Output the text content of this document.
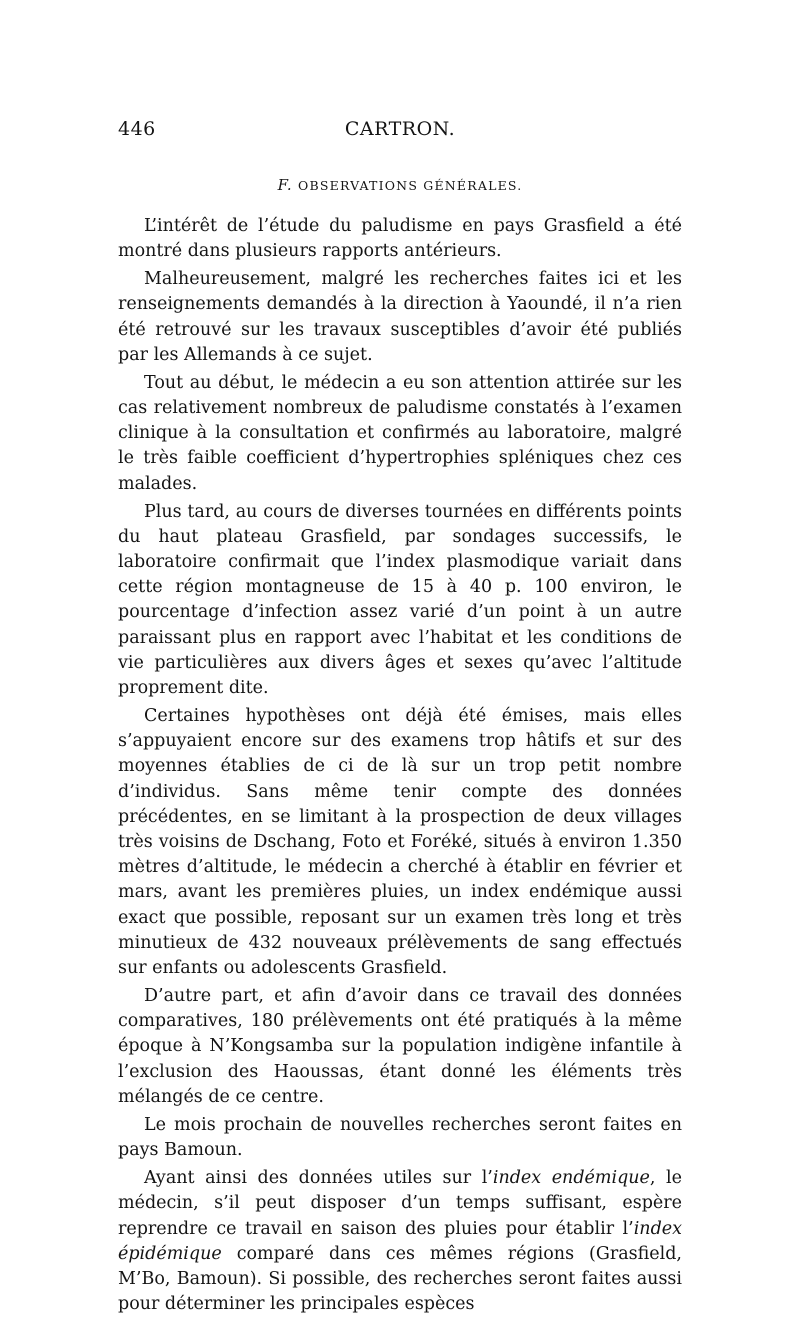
446	CARTRON.
F. OBSERVATIONS GÉNÉRALES.

L’intérêt de l’étude du paludisme en pays Grasfield a été montré dans plusieurs rapports antérieurs.

Malheureusement, malgré les recherches faites ici et les renseignements demandés à la direction à Yaoundé, il n’a rien été retrouvé sur les travaux susceptibles d’avoir été publiés par les Allemands à ce sujet.

Tout au début, le médecin a eu son attention attirée sur les cas relativement nombreux de paludisme constatés à l’examen clinique à la consultation et confirmés au laboratoire, malgré le très faible coefficient d’hypertrophies spléniques chez ces malades.

Plus tard, au cours de diverses tournées en différents points du haut plateau Grasfield, par sondages successifs, le laboratoire confirmait que l’index plasmodique variait dans cette région montagneuse de 15 à 40 p. 100 environ, le pourcentage d’infection assez varié d’un point à un autre paraissant plus en rapport avec l’habitat et les conditions de vie particulières aux divers âges et sexes qu’avec l’altitude proprement dite.

Certaines hypothèses ont déjà été émises, mais elles s’appuyaient encore sur des examens trop hâtifs et sur des moyennes établies de ci de là sur un trop petit nombre d’individus. Sans même tenir compte des données précédentes, en se limitant à la prospection de deux villages très voisins de Dschang, Foto et Foréké, situés à environ 1.350 mètres d’altitude, le médecin a cherché à établir en février et mars, avant les premières pluies, un index endémique aussi exact que possible, reposant sur un examen très long et très minutieux de 432 nouveaux prélèvements de sang effectués sur enfants ou adolescents Grasfield.

D’autre part, et afin d’avoir dans ce travail des données comparatives, 180 prélèvements ont été pratiqués à la même époque à N’Kongsamba sur la population indigène infantile à l’exclusion des Haoussas, étant donné les éléments très mélangés de ce centre.

Le mois prochain de nouvelles recherches seront faites en pays Bamoun.

Ayant ainsi des données utiles sur l’index endémique, le médecin, s’il peut disposer d’un temps suffisant, espère reprendre ce travail en saison des pluies pour établir l’index épidémique comparé dans ces mêmes régions (Grasfield, M’Bo, Bamoun). Si possible, des recherches seront faites aussi pour déterminer les principales espèces
